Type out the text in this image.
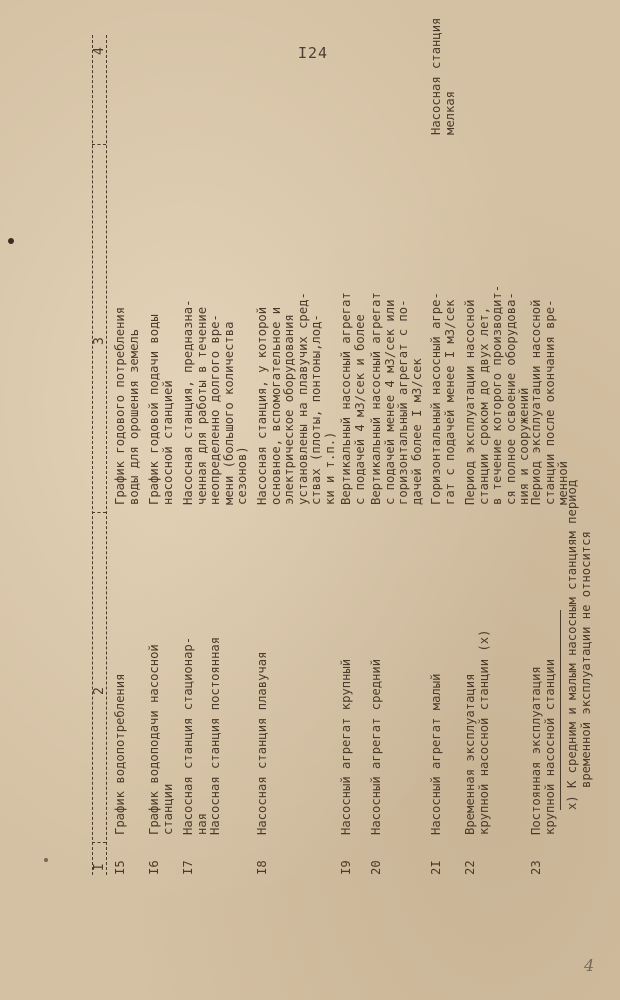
I24
I
2
3
4
I5
График водопотребления
График годового потребления
воды для орошения земель
I6
График водоподачи насосной
станции
График годовой подачи воды
насосной станцией
I7
Насосная станция стационар-
ная
Насосная станция постоянная
Насосная станция, предназна-
ченная для работы в течение
неопределенно долгого вре-
мени (большого количества
сезонов)
I8
Насосная станция плавучая
Насосная станция, у которой
основное, вспомогательное и
электрическое оборудования
установлены на плавучих сред-
ствах (плоты, понтоны,лод-
ки и т.п.)
I9
Насосный агрегат крупный
Вертикальный насосный агрегат
с подачей 4 м3/сек и более
20
Насосный агрегат средний
Вертикальный насосный агрегат
с подачей менее 4 м3/сек или
горизонтальный агрегат с по-
дачей более I м3/сек
2I
Насосный агрегат малый
Горизонтальный насосный агре-
гат с подачей менее I м3/сек
Насосная станция
мелкая
22
Временная эксплуатация
крупной насосной станции (х)
Период эксплуатации насосной
станции сроком до двух лет,
в течение которого производит-
ся полное освоение оборудова-
ния и сооружений
23
Постоянная эксплуатация
крупной насосной станции
Период эксплуатации насосной
станции после окончания вре-
менной
х) К средним и малым насосным станциям период
временной эксплуатации не относится
4
